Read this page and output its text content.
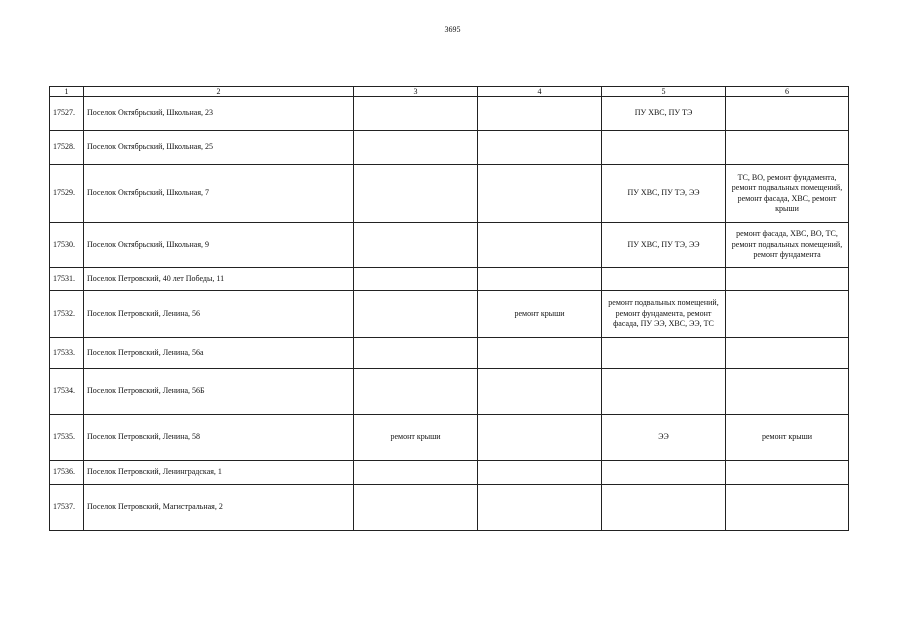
3695
1	2	3	4	5	6
17527.	Поселок Октябрьский, Школьная, 23			ПУ ХВС, ПУ ТЭ	
17528.	Поселок Октябрьский, Школьная, 25				
17529.	Поселок Октябрьский, Школьная, 7			ПУ ХВС, ПУ ТЭ, ЭЭ	ТС, ВО, ремонт фундамента, ремонт подвальных помещений, ремонт фасада, ХВС, ремонт крыши
17530.	Поселок Октябрьский, Школьная, 9			ПУ ХВС, ПУ ТЭ, ЭЭ	ремонт фасада, ХВС, ВО, ТС, ремонт подвальных помещений, ремонт фундамента
17531.	Поселок Петровский, 40 лет Победы, 11				
17532.	Поселок Петровский, Ленина, 56		ремонт крыши	ремонт подвальных помещений, ремонт фундамента, ремонт фасада, ПУ ЭЭ, ХВС, ЭЭ, ТС	
17533.	Поселок Петровский, Ленина, 56а				
17534.	Поселок Петровский, Ленина, 56Б				
17535.	Поселок Петровский, Ленина, 58	ремонт крыши		ЭЭ	ремонт крыши
17536.	Поселок Петровский, Ленинградская, 1				
17537.	Поселок Петровский, Магистральная, 2				
